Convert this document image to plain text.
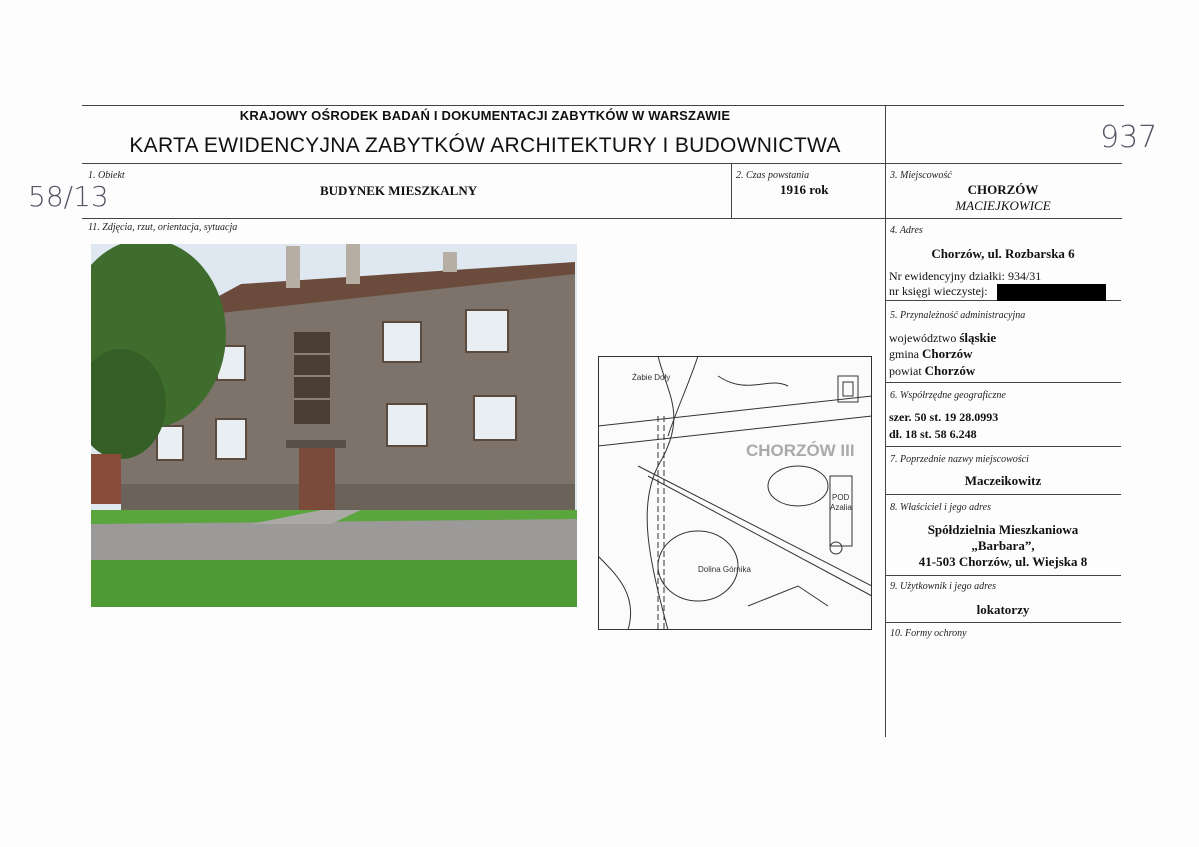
KRAJOWY OŚRODEK BADAŃ I DOKUMENTACJI ZABYTKÓW W WARSZAWIE
KARTA EWIDENCYJNA ZABYTKÓW ARCHITEKTURY I BUDOWNICTWA	937
58/13
1. Obiekt
BUDYNEK MIESZKALNY
2. Czas powstania
1916 rok
3. Miejscowość
CHORZÓW
MACIEJKOWICE
11. Zdjęcia, rzut, orientacja, sytuacja	4. Adres
Chorzów, ul. Rozbarska 6
Nr ewidencyjny działki: 934/31
nr księgi wieczystej:
5. Przynależność administracyjna
województwo śląskie
gmina Chorzów
powiat Chorzów
6. Współrzędne geograficzne
szer. 50 st. 19 28.0993
dł. 18 st. 58 6.248
7. Poprzednie nazwy miejscowości
Maczeikowitz
8. Właściciel i jego adres
Spółdzielnia Mieszkaniowa
„Barbara”,
41-503 Chorzów, ul. Wiejska 8
9. Użytkownik i jego adres
lokatorzy
10. Formy ochrony
CHORZÓW III
Żabie Doły
Dolina Górnika
POD
Azalia
